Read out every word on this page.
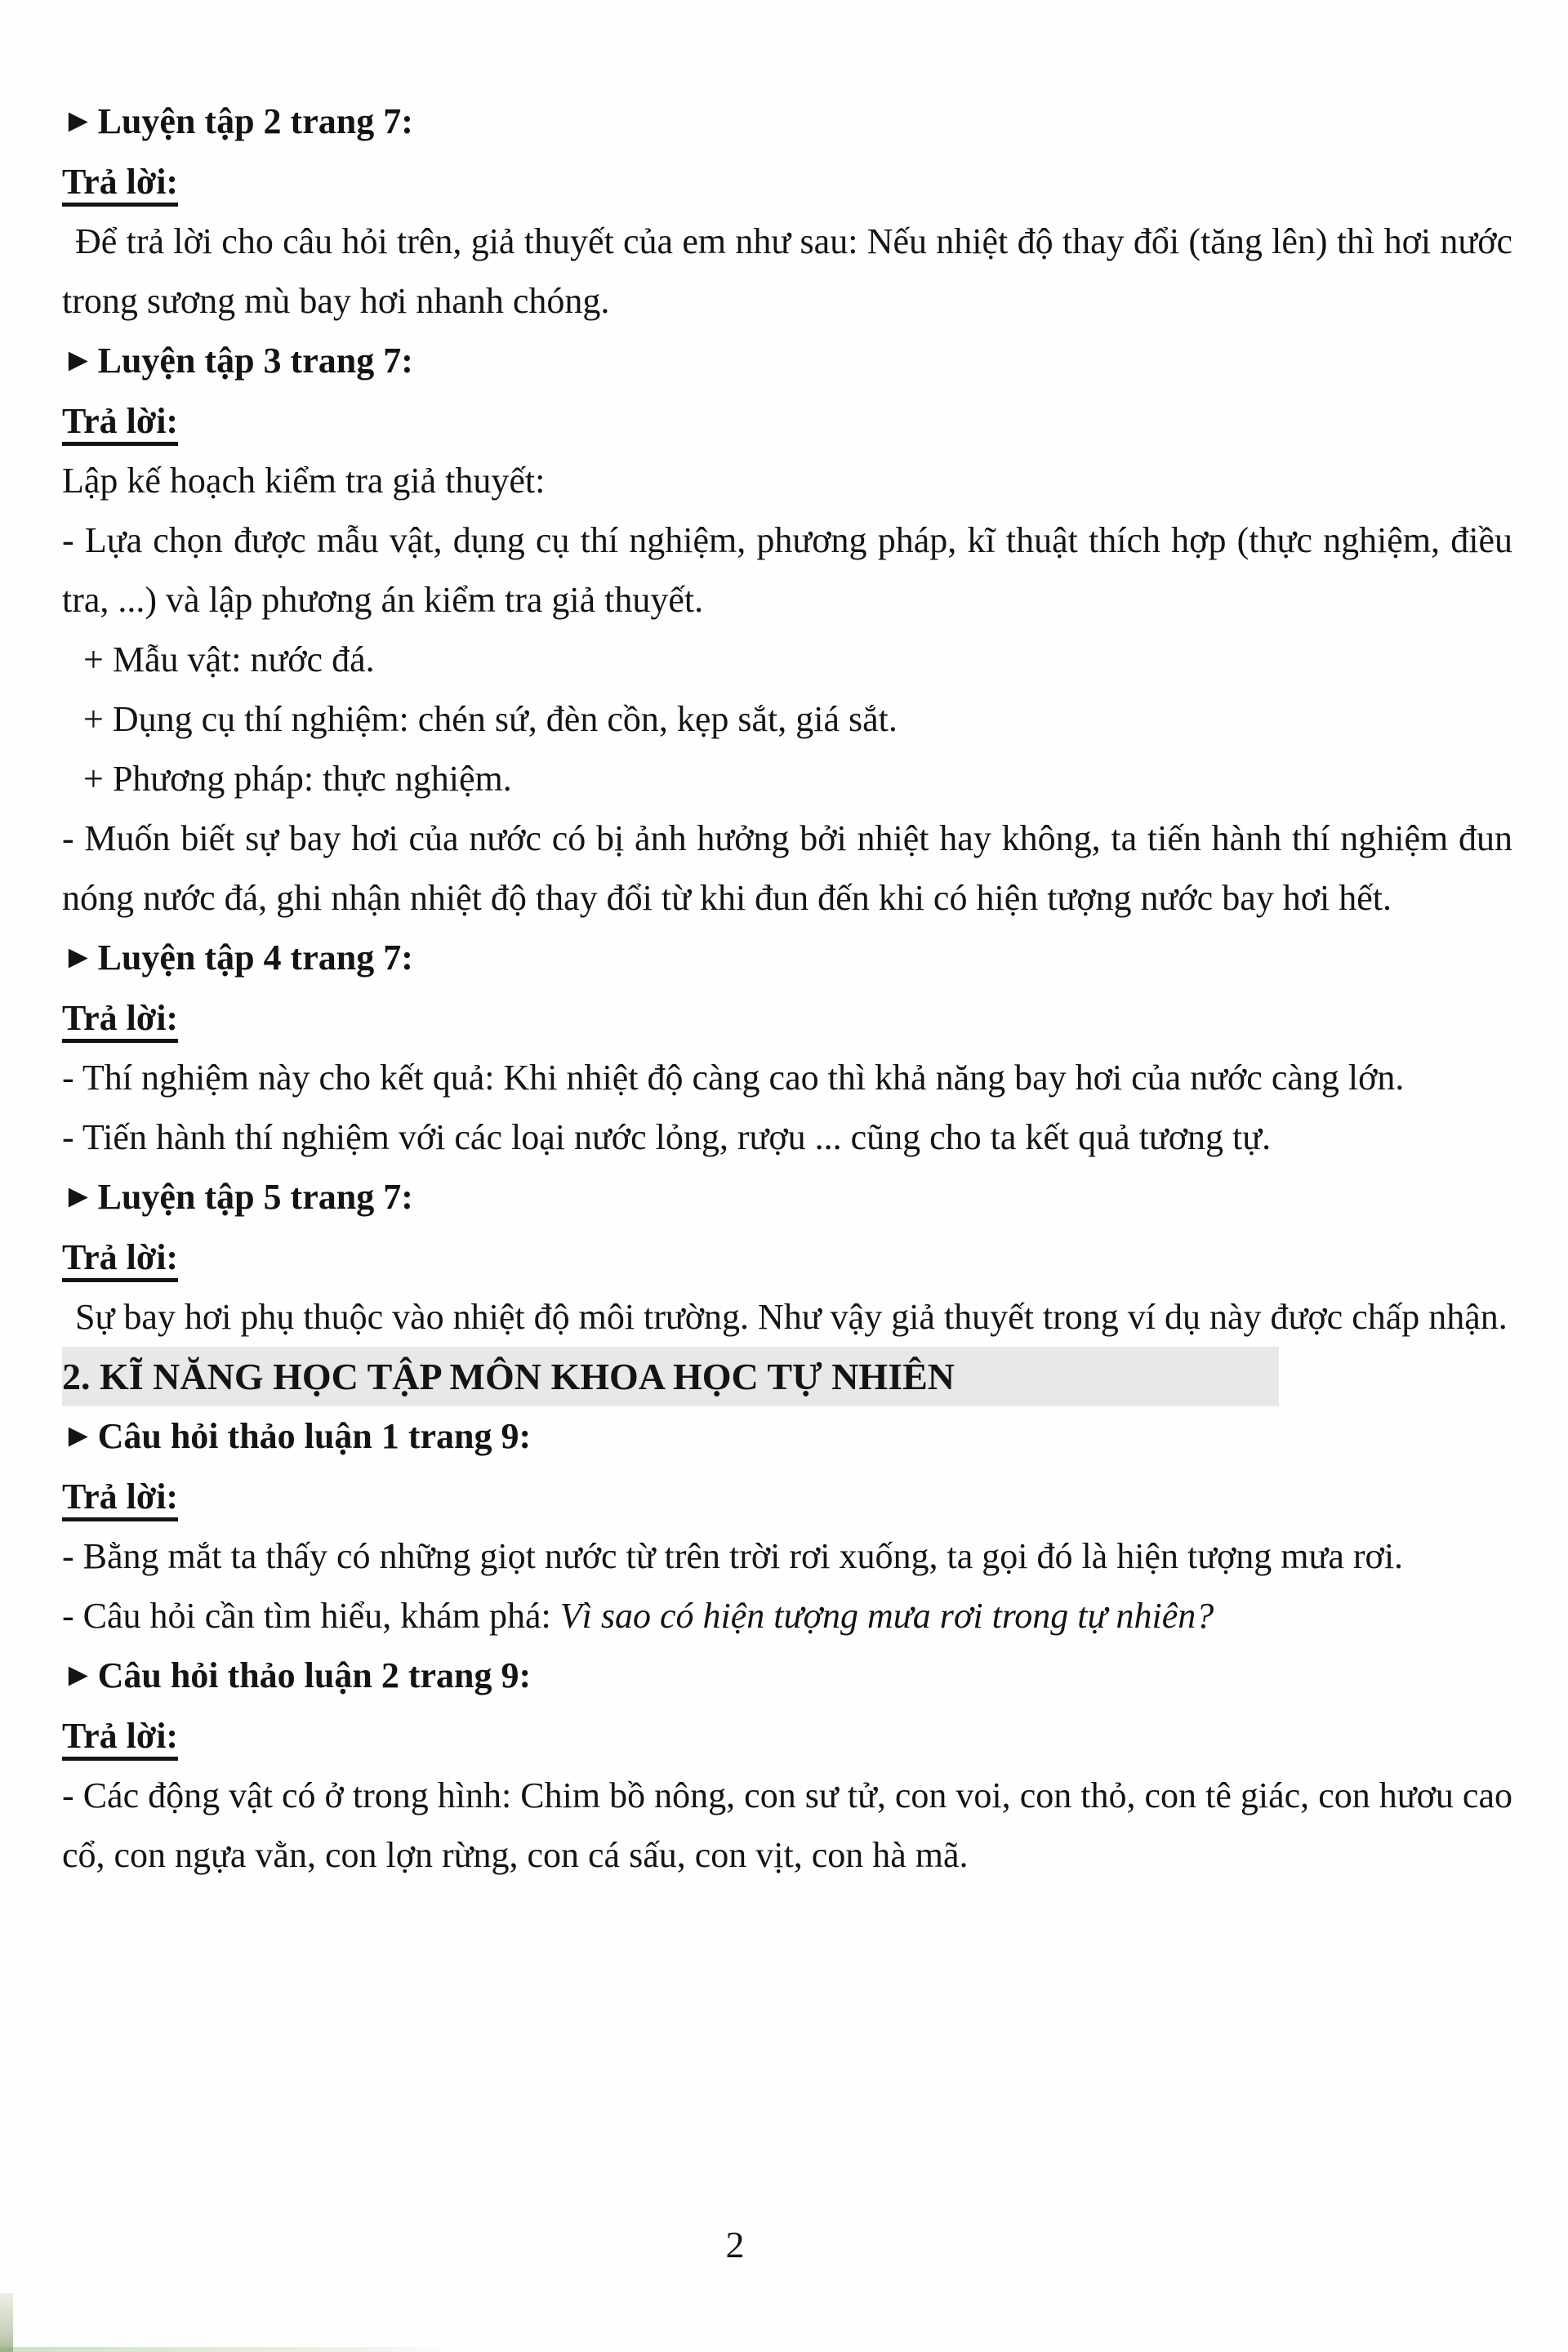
►Luyện tập 2 trang 7:

Trả lời:

Để trả lời cho câu hỏi trên, giả thuyết của em như sau: Nếu nhiệt độ thay đổi (tăng lên) thì hơi nước trong sương mù bay hơi nhanh chóng.

►Luyện tập 3 trang 7:

Trả lời:

Lập kế hoạch kiểm tra giả thuyết:

- Lựa chọn được mẫu vật, dụng cụ thí nghiệm, phương pháp, kĩ thuật thích hợp (thực nghiệm, điều tra, ...) và lập phương án kiểm tra giả thuyết.

+ Mẫu vật: nước đá.

+ Dụng cụ thí nghiệm: chén sứ, đèn cồn, kẹp sắt, giá sắt.

+ Phương pháp: thực nghiệm.

- Muốn biết sự bay hơi của nước có bị ảnh hưởng bởi nhiệt hay không, ta tiến hành thí nghiệm đun nóng nước đá, ghi nhận nhiệt độ thay đổi từ khi đun đến khi có hiện tượng nước bay hơi hết.

►Luyện tập 4 trang 7:

Trả lời:

- Thí nghiệm này cho kết quả: Khi nhiệt độ càng cao thì khả năng bay hơi của nước càng lớn.

- Tiến hành thí nghiệm với các loại nước lỏng, rượu ... cũng cho ta kết quả tương tự.

►Luyện tập 5 trang 7:

Trả lời:

Sự bay hơi phụ thuộc vào nhiệt độ môi trường. Như vậy giả thuyết trong ví dụ này được chấp nhận.

2. KĨ NĂNG HỌC TẬP MÔN KHOA HỌC TỰ NHIÊN

►Câu hỏi thảo luận 1 trang 9:

Trả lời:

- Bằng mắt ta thấy có những giọt nước từ trên trời rơi xuống, ta gọi đó là hiện tượng mưa rơi.

- Câu hỏi cần tìm hiểu, khám phá: Vì sao có hiện tượng mưa rơi trong tự nhiên?

►Câu hỏi thảo luận 2 trang 9:

Trả lời:

- Các động vật có ở trong hình: Chim bồ nông, con sư tử, con voi, con thỏ, con tê giác, con hươu cao cổ, con ngựa vằn, con lợn rừng, con cá sấu, con vịt, con hà mã.

2
